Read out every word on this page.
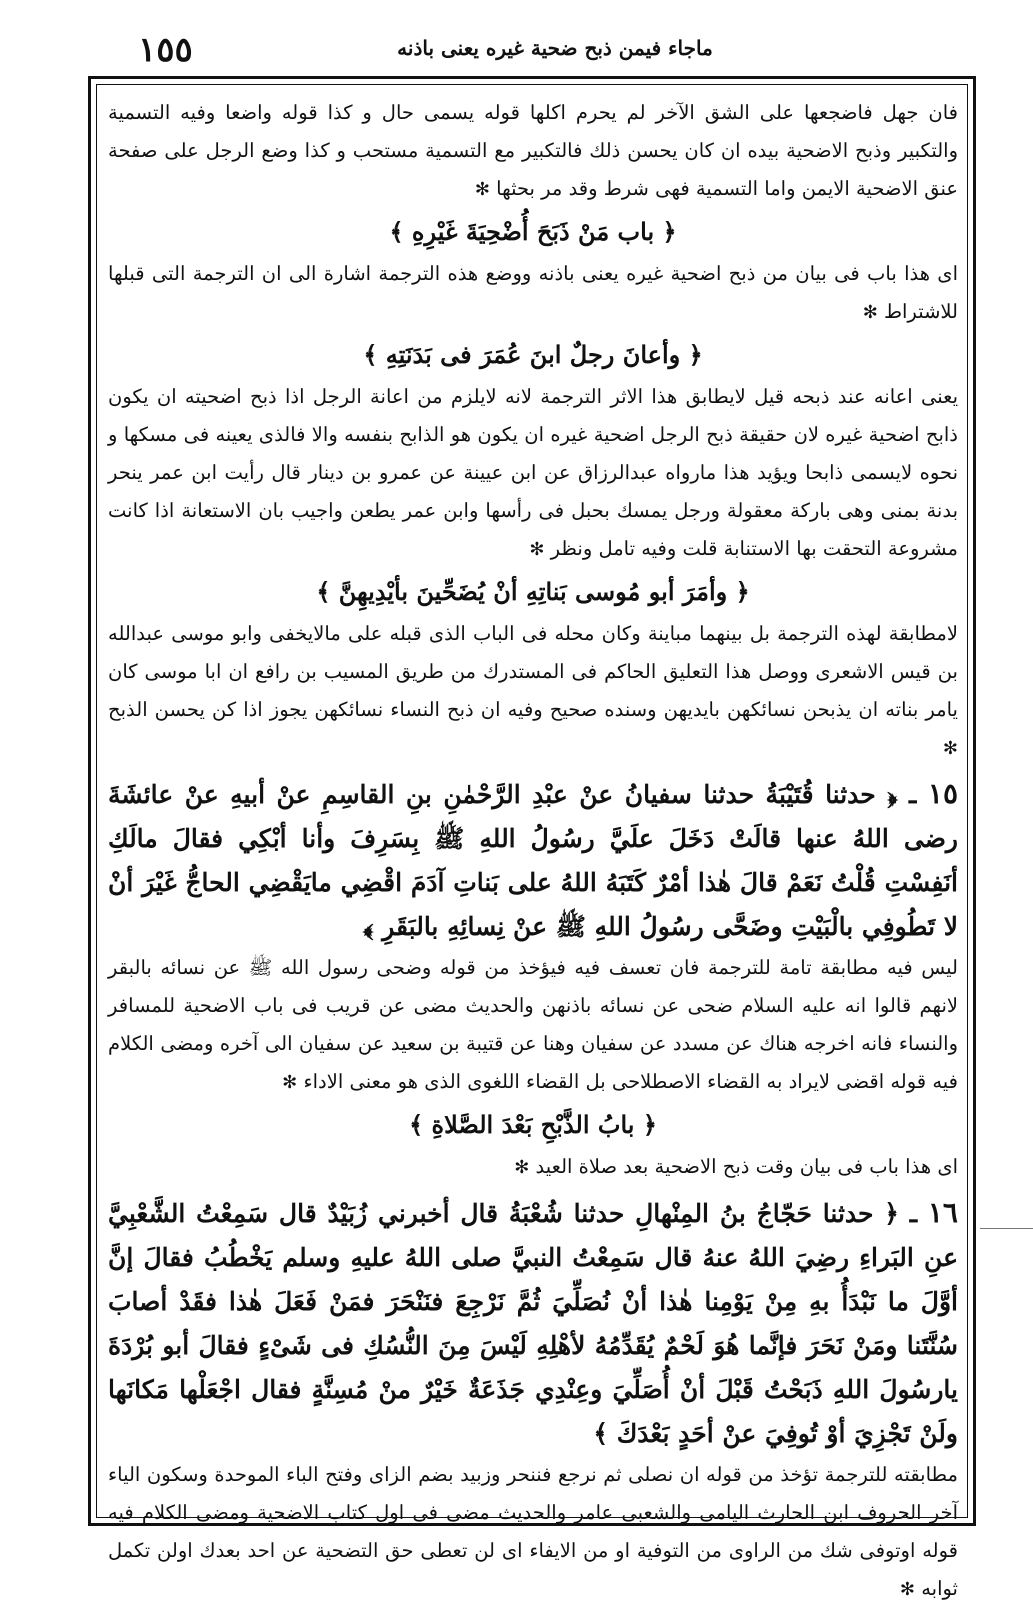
١٥٥	ماجاء فيمن ذبح ضحية غيره يعنى باذنه

فان جهل فاضجعها على الشق الآخر لم يحرم اكلها قوله يسمى حال و كذا قوله واضعا وفيه التسمية والتكبير وذبح الاضحية بيده ان كان يحسن ذلك فالتكبير مع التسمية مستحب و كذا وضع الرجل على صفحة عنق الاضحية الايمن واما التسمية فهى شرط وقد مر بحثها ✻

﴿ باب مَنْ ذَبَحَ أُضْحِيَةَ غَيْرِهِ ﴾

اى هذا باب فى بيان من ذبح اضحية غيره يعنى باذنه ووضع هذه الترجمة اشارة الى ان الترجمة التى قبلها للاشتراط ✻

﴿ وأعانَ رجلٌ ابنَ عُمَرَ فى بَدَنَتِهِ ﴾

يعنى اعانه عند ذبحه قيل لايطابق هذا الاثر الترجمة لانه لايلزم من اعانة الرجل اذا ذبح اضحيته ان يكون ذابح اضحية غيره لان حقيقة ذبح الرجل اضحية غيره ان يكون هو الذابح بنفسه والا فالذى يعينه فى مسكها و نحوه لايسمى ذابحا ويؤيد هذا مارواه عبدالرزاق عن ابن عيينة عن عمرو بن دينار قال رأيت ابن عمر ينحر بدنة بمنى وهى باركة معقولة ورجل يمسك بحبل فى رأسها وابن عمر يطعن واجيب بان الاستعانة اذا كانت مشروعة التحقت بها الاستنابة قلت وفيه تامل ونظر ✻

﴿ وأمَرَ أبو مُوسى بَناتِهِ أنْ يُضَحِّينَ بأيْدِيهِنَّ ﴾

لامطابقة لهذه الترجمة بل بينهما مباينة وكان محله فى الباب الذى قبله على مالايخفى وابو موسى عبدالله بن قيس الاشعرى ووصل هذا التعليق الحاكم فى المستدرك من طريق المسيب بن رافع ان ابا موسى كان يامر بناته ان يذبحن نسائكهن بايديهن وسنده صحيح وفيه ان ذبح النساء نسائكهن يجوز اذا كن يحسن الذبح ✻

١٥ ـ ﴿ حدثنا قُتَيْبَةُ حدثنا سفيانُ عنْ عبْدِ الرَّحْمٰنِ بنِ القاسِمِ عنْ أبيهِ عنْ عائشَةَ رضى اللهُ عنها قالَتْ دَخَلَ علَيَّ رسُولُ اللهِ ﷺ بِسَرِفَ وأنا أبْكِي فقالَ مالَكِ أنَفِسْتِ قُلْتُ نَعَمْ قالَ هٰذا أمْرٌ كَتَبَهُ اللهُ على بَناتِ آدَمَ اقْضِي مايَقْضِي الحاجُّ غَيْرَ أنْ لا تَطُوفِي بالْبَيْتِ وضَحَّى رسُولُ اللهِ ﷺ عنْ نِسائِهِ بالبَقَرِ ﴾

ليس فيه مطابقة تامة للترجمة فان تعسف فيه فيؤخذ من قوله وضحى رسول الله ﷺ عن نسائه بالبقر لانهم قالوا انه عليه السلام ضحى عن نسائه باذنهن والحديث مضى عن قريب فى باب الاضحية للمسافر والنساء فانه اخرجه هناك عن مسدد عن سفيان وهنا عن قتيبة بن سعيد عن سفيان الى آخره ومضى الكلام فيه قوله اقضى لايراد به القضاء الاصطلاحى بل القضاء اللغوى الذى هو معنى الاداء ✻

﴿ بابُ الذَّبْحِ بَعْدَ الصَّلاةِ ﴾

اى هذا باب فى بيان وقت ذبح الاضحية بعد صلاة العيد ✻

١٦ ـ ﴿ حدثنا حَجّاجُ بنُ المِنْهالِ حدثنا شُعْبَةُ قال أخبرني زُبَيْدٌ قال سَمِعْتُ الشَّعْبِيَّ عنِ البَراءِ رضِيَ اللهُ عنهُ قال سَمِعْتُ النبيَّ صلى اللهُ عليهِ وسلم يَخْطُبُ فقالَ إنَّ أوَّلَ ما نَبْدَأُ بهِ مِنْ يَوْمِنا هٰذا أنْ نُصَلِّيَ ثُمَّ نَرْجِعَ فنَنْحَرَ فمَنْ فَعَلَ هٰذا فقَدْ أصابَ سُنَّتَنا ومَنْ نَحَرَ فإنَّما هُوَ لَحْمٌ يُقَدِّمُهُ لأهْلِهِ لَيْسَ مِنَ النُّسُكِ فى شَىْءٍ فقالَ أبو بُرْدَةَ يارسُولَ اللهِ ذَبَحْتُ قَبْلَ أنْ أُصَلِّيَ وعِنْدِي جَذَعَةٌ خَيْرٌ منْ مُسِنَّةٍ فقال اجْعَلْها مَكانَها ولَنْ تَجْزِيَ أوْ تُوفِيَ عنْ أحَدٍ بَعْدَكَ ﴾

مطابقته للترجمة تؤخذ من قوله ان نصلى ثم نرجع فننحر وزبيد بضم الزاى وفتح الباء الموحدة وسكون الياء آخر الحروف ابن الحارث اليامى والشعبى عامر والحديث مضى فى اول كتاب الاضحية ومضى الكلام فيه قوله اوتوفى شك من الراوى من التوفية او من الايفاء اى لن تعطى حق التضحية عن احد بعدك اولن تكمل ثوابه ✻
